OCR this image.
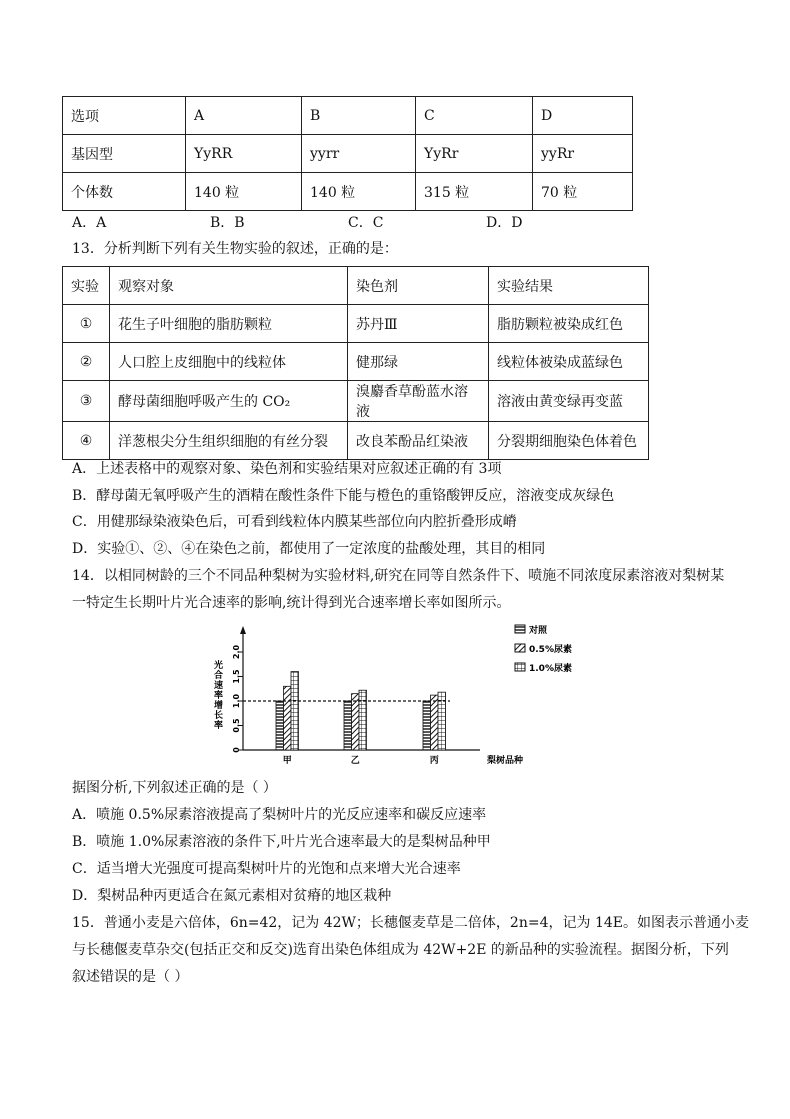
选项	A	B	C	D
基因型	YyRR	yyrr	YyRr	yyRr
个体数	140 粒	140 粒	315 粒	70 粒
A．A	B．B	C．C	D．D
13．分析判断下列有关生物实验的叙述，正确的是：
实验	观察对象	染色剂	实验结果
①	花生子叶细胞的脂肪颗粒	苏丹Ⅲ	脂肪颗粒被染成红色
②	人口腔上皮细胞中的线粒体	健那绿	线粒体被染成蓝绿色
③	酵母菌细胞呼吸产生的 CO₂	溴麝香草酚蓝水溶液	溶液由黄变绿再变蓝
④	洋葱根尖分生组织细胞的有丝分裂	改良苯酚品红染液	分裂期细胞染色体着色
A．上述表格中的观察对象、染色剂和实验结果对应叙述正确的有 3项
B．酵母菌无氧呼吸产生的酒精在酸性条件下能与橙色的重铬酸钾反应，溶液变成灰绿色
C．用健那绿染液染色后，可看到线粒体内膜某些部位向内腔折叠形成嵴
D．实验①、②、④在染色之前，都使用了一定浓度的盐酸处理，其目的相同
14．以相同树龄的三个不同品种梨树为实验材料,研究在同等自然条件下、喷施不同浓度尿素溶液对梨树某
一特定生长期叶片光合速率的影响,统计得到光合速率增长率如图所示。
光合速率增长率
0
0.5
1.0
1.5
2.0
甲	乙	丙	梨树品种
对照
0.5%尿素
1.0%尿素
据图分析,下列叙述正确的是（ ）
A．喷施 0.5%尿素溶液提高了梨树叶片的光反应速率和碳反应速率
B．喷施 1.0%尿素溶液的条件下,叶片光合速率最大的是梨树品种甲
C．适当增大光强度可提高梨树叶片的光饱和点来增大光合速率
D．梨树品种丙更适合在氮元素相对贫瘠的地区栽种
15．普通小麦是六倍体，6n=42，记为 42W；长穗偃麦草是二倍体，2n=4，记为 14E。如图表示普通小麦
与长穗偃麦草杂交(包括正交和反交)选育出染色体组成为 42W+2E 的新品种的实验流程。据图分析，下列
叙述错误的是（ ）
